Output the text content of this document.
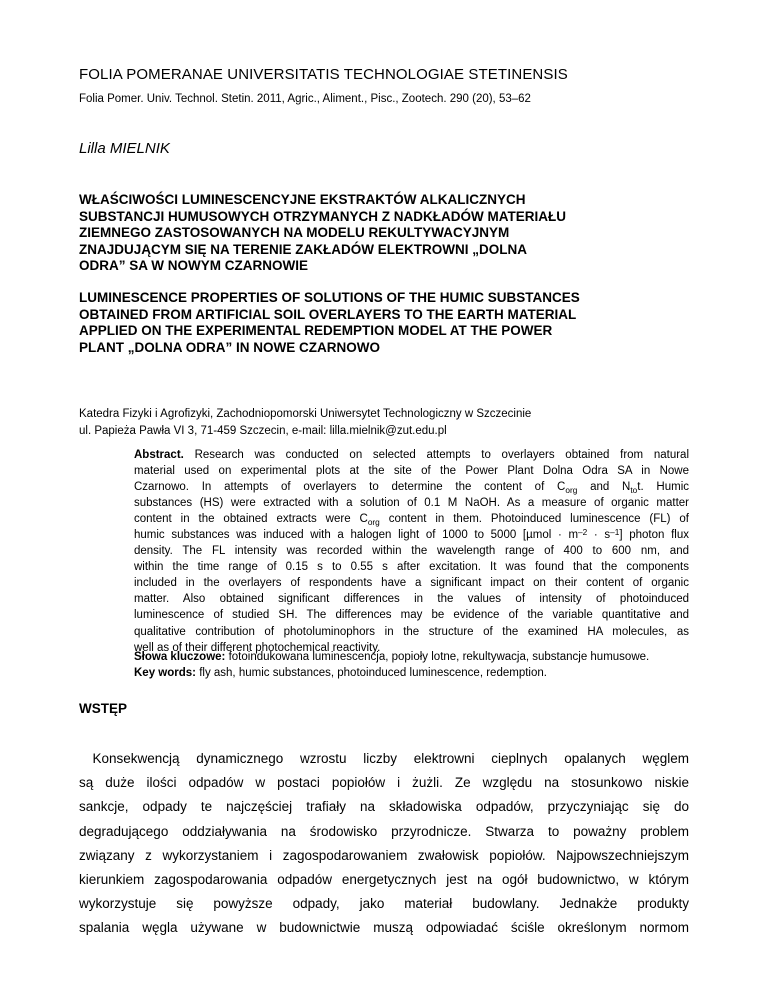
FOLIA POMERANAE UNIVERSITATIS TECHNOLOGIAE STETINENSIS
Folia Pomer. Univ. Technol. Stetin. 2011, Agric., Aliment., Pisc., Zootech. 290 (20), 53–62
Lilla MIELNIK
WŁAŚCIWOŚCI LUMINESCENCYJNE EKSTRAKTÓW ALKALICZNYCH
SUBSTANCJI HUMUSOWYCH OTRZYMANYCH Z NADKŁADÓW MATERIAŁU
ZIEMNEGO ZASTOSOWANYCH NA MODELU REKULTYWACYJNYM
ZNAJDUJĄCYM SIĘ NA TERENIE ZAKŁADÓW ELEKTROWNI „DOLNA
ODRA” SA W NOWYM CZARNOWIE
LUMINESCENCE PROPERTIES OF SOLUTIONS OF THE HUMIC SUBSTANCES
OBTAINED FROM ARTIFICIAL SOIL OVERLAYERS TO THE EARTH MATERIAL
APPLIED ON THE EXPERIMENTAL REDEMPTION MODEL AT THE POWER
PLANT „DOLNA ODRA” IN NOWE CZARNOWO
Katedra Fizyki i Agrofizyki, Zachodniopomorski Uniwersytet Technologiczny w Szczecinie
ul. Papieża Pawła VI 3, 71-459 Szczecin, e-mail: lilla.mielnik@zut.edu.pl
Abstract. Research was conducted on selected attempts to overlayers obtained from natural
material used on experimental plots at the site of the Power Plant Dolna Odra SA in Nowe
Czarnowo. In attempts of overlayers to determine the content of $C_{org}$ and $N_{to}t$. Humic
substances (HS) were extracted with a solution of 0.1 M NaOH. As a measure of organic matter
content in the obtained extracts were $C_{org}$ content in them. Photoinduced luminescence (FL) of
humic substances was induced with a halogen light of 1000 to 5000 $[\mu mol \cdot m^{-2} \cdot s^{-1}]$ photon flux
density. The FL intensity was recorded within the wavelength range of 400 to 600 nm, and
within the time range of 0.15 s to 0.55 s after excitation. It was found that the components
included in the overlayers of respondents have a significant impact on their content of organic
matter. Also obtained significant differences in the values of intensity of photoinduced
luminescence of studied SH. The differences may be evidence of the variable quantitative and
qualitative contribution of photoluminophors in the structure of the examined HA molecules, as
well as of their different photochemical reactivity.
Słowa kluczowe: fotoindukowana luminescencja, popioły lotne, rekultywacja, substancje humusowe.
Key words: fly ash, humic substances, photoinduced luminescence, redemption.
WSTĘP
 Konsekwencją dynamicznego wzrostu liczby elektrowni cieplnych opalanych węglem
są duże ilości odpadów w postaci popiołów i żużli. Ze względu na stosunkowo niskie
sankcje, odpady te najczęściej trafiały na składowiska odpadów, przyczyniając się do
degradującego oddziaływania na środowisko przyrodnicze. Stwarza to poważny problem
związany z wykorzystaniem i zagospodarowaniem zwałowisk popiołów. Najpowszechniejszym
kierunkiem zagospodarowania odpadów energetycznych jest na ogół budownictwo, w którym
wykorzystuje się powyższe odpady, jako materiał budowlany. Jednakże produkty
spalania węgla używane w budownictwie muszą odpowiadać ściśle określonym normom
